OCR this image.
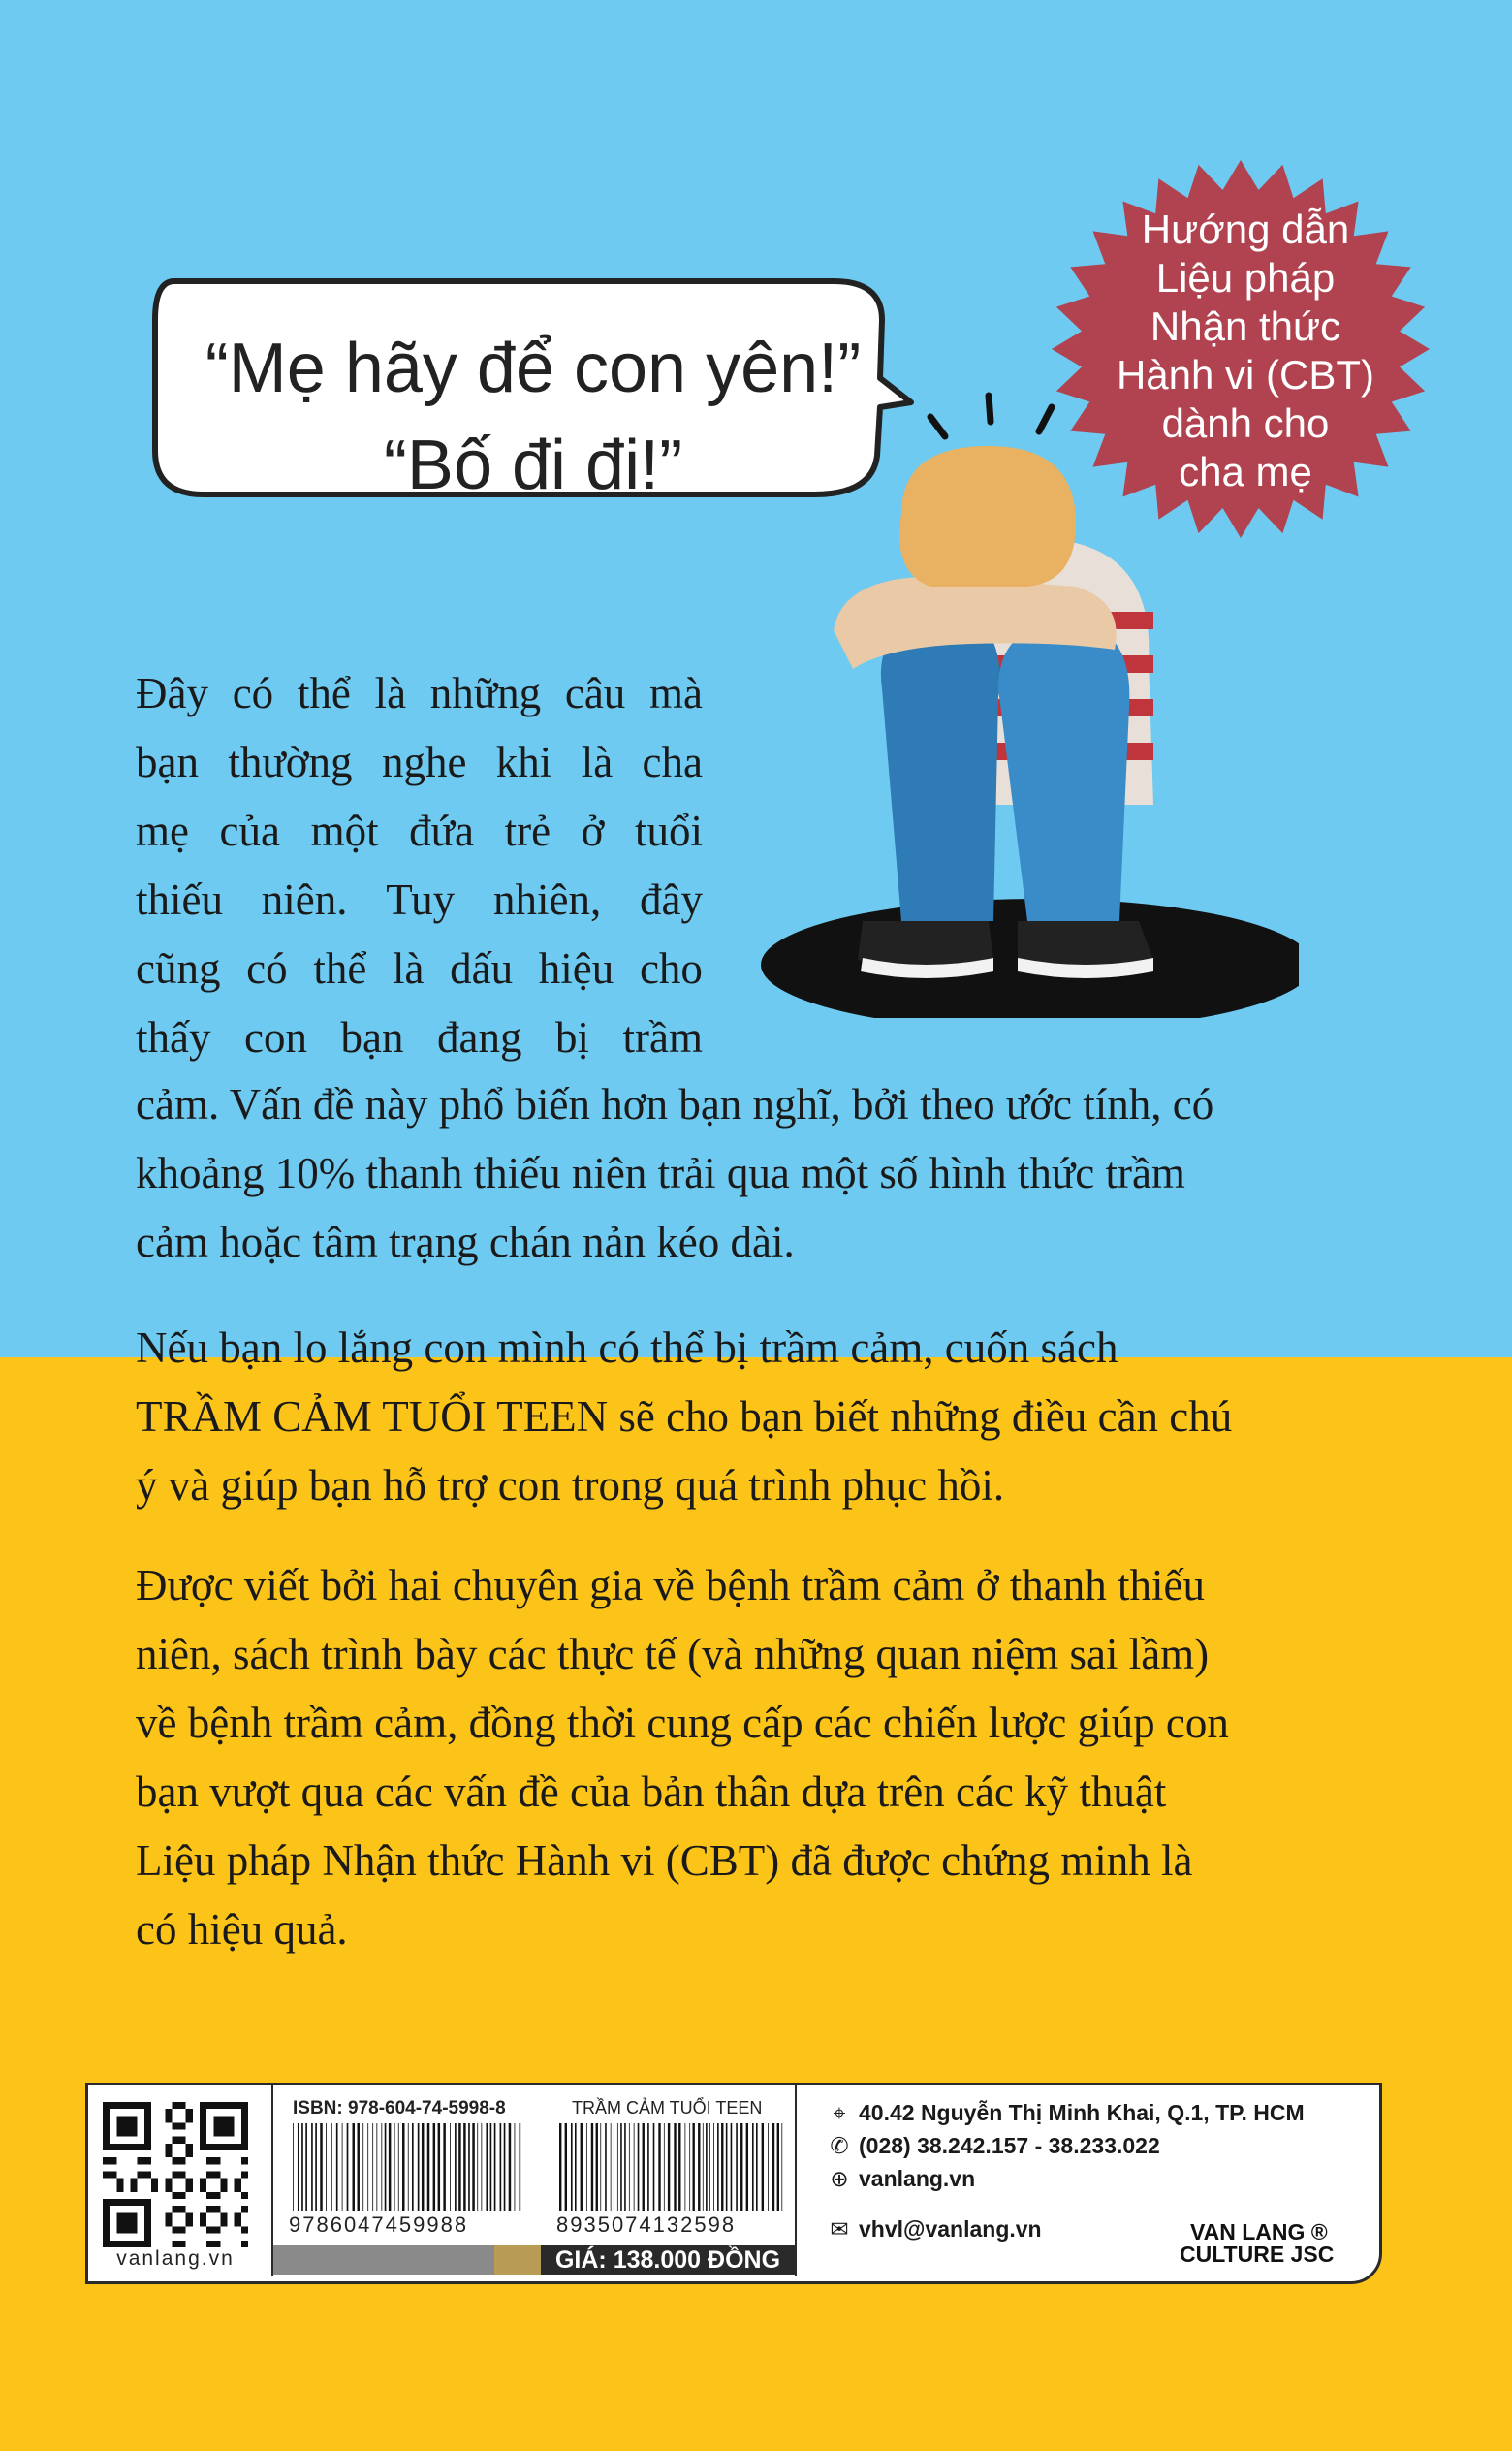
“Mẹ hãy để con yên!”
“Bố đi đi!”
Hướng dẫn
Liệu pháp
Nhận thức
Hành vi (CBT)
dành cho
cha mẹ
Đây có thể là những câu mà
bạn thường nghe khi là cha
mẹ của một đứa trẻ ở tuổi
thiếu niên. Tuy nhiên, đây
cũng có thể là dấu hiệu cho
thấy con bạn đang bị trầm
cảm. Vấn đề này phổ biến hơn bạn nghĩ, bởi theo ước tính, có
khoảng 10% thanh thiếu niên trải qua một số hình thức trầm
cảm hoặc tâm trạng chán nản kéo dài.
Nếu bạn lo lắng con mình có thể bị trầm cảm, cuốn sách
TRẦM CẢM TUỔI TEEN sẽ cho bạn biết những điều cần chú
ý và giúp bạn hỗ trợ con trong quá trình phục hồi.
Được viết bởi hai chuyên gia về bệnh trầm cảm ở thanh thiếu
niên, sách trình bày các thực tế (và những quan niệm sai lầm)
về bệnh trầm cảm, đồng thời cung cấp các chiến lược giúp con
bạn vượt qua các vấn đề của bản thân dựa trên các kỹ thuật
Liệu pháp Nhận thức Hành vi (CBT) đã được chứng minh là
có hiệu quả.
vanlang.vn
ISBN: 978-604-74-5998-8	TRẦM CẢM TUỔI TEEN
9786047459988	8935074132598
GIÁ: 138.000 ĐỒNG
⌖ 40.42 Nguyễn Thị Minh Khai, Q.1, TP. HCM
✆ (028) 38.242.157 - 38.233.022
⊕ vanlang.vn
✉ vhvl@vanlang.vn	VAN LANG ®
CULTURE JSC
